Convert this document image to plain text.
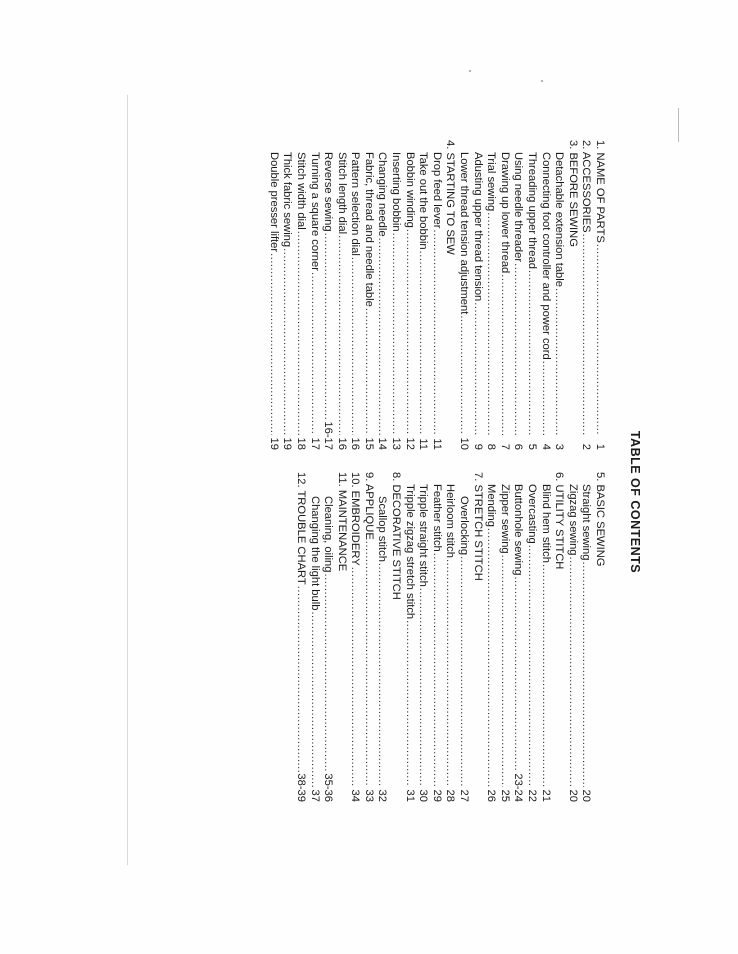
TABLE OF CONTENTS
1. NAME OF PARTS
.....
1
2. ACCESSORIES
.....
2
3. BEFORE SEWING
Detachable extension table
.....
3
Connecting foot controller and power cord
.....
4
Threading upper thread
.....
5
Using needle threader
.....
6
Drawing up lower thread
.....
7
Trial sewing
.....
8
Adusting upper thread tension
.....
9
Lower thread tension adjustment
.....
10
4. STARTING TO SEW
Drop feed lever
.....
11
Take out the bobbin
.....
11
Bobbin winding
.....
12
Inserting bobbin
.....
13
Changing needle
.....
14
Fabric, thread and needle table
.....
15
Pattern selection dial
.....
16
Stitch length dial
.....
16
Reverse sewing
.....
16-17
Turning a square corner
.....
17
Stitch width dial
.....
18
Thick fabric sewing
.....
19
Double presser lifter
.....
19
5. BASIC SEWING
Straight sewing
.....
20
Zigzag sewing
.....
20
6. UTILITY STITCH
Blind hem stitch
.....
21
Overcasting
.....
22
Buttonhole sewing
.....
23-24
Zipper sewing
.....
25
Mending
.....
26
7. STRETCH STITCH
Overlocking
.....
27
Heirloom stitch
.....
28
Feather stitch
.....
29
Tripple straight stitch
.....
30
Tripple zigzag stretch stitch
.....
31
8. DECORATIVE STITCH
Scallop stitch
.....
32
9. APPLIQUE
.....
33
10. EMBROIDERY
.....
34
11. MAINTENANCE
Cleaning, oiling
.....
35-36
Changing the light bulb
.....
37
12. TROUBLE CHART
.....
38-39
